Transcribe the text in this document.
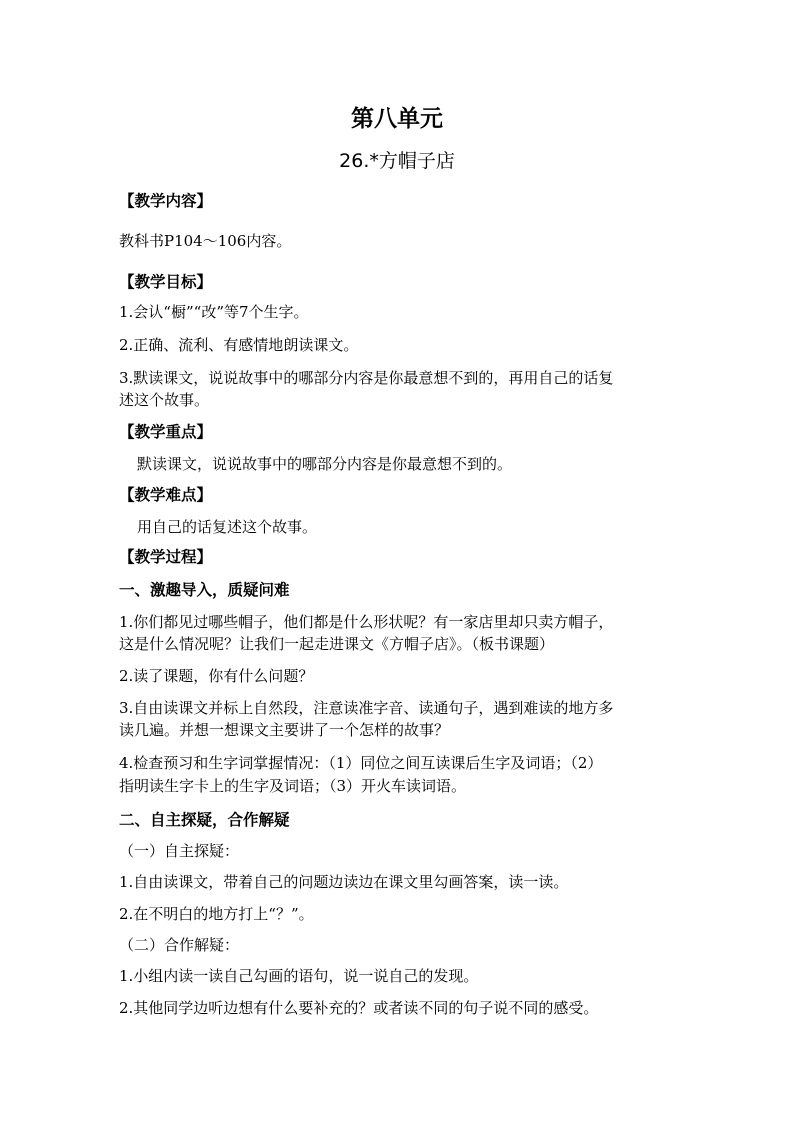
第八单元
26.*方帽子店
【教学内容】
教科书P104～106内容。
【教学目标】
1.会认“橱”“改”等7个生字。
2.正确、流利、有感情地朗读课文。
3.默读课文，说说故事中的哪部分内容是你最意想不到的，再用自己的话复
述这个故事。
【教学重点】
默读课文，说说故事中的哪部分内容是你最意想不到的。
【教学难点】
用自己的话复述这个故事。
【教学过程】
一、激趣导入，质疑问难
1.你们都见过哪些帽子，他们都是什么形状呢？有一家店里却只卖方帽子，
这是什么情况呢？让我们一起走进课文《方帽子店》。（板书课题）
2.读了课题，你有什么问题？
3.自由读课文并标上自然段，注意读准字音、读通句子，遇到难读的地方多
读几遍。并想一想课文主要讲了一个怎样的故事？
4.检查预习和生字词掌握情况：（1）同位之间互读课后生字及词语；（2）
指明读生字卡上的生字及词语；（3）开火车读词语。
二、自主探疑，合作解疑
（一）自主探疑：
1.自由读课文，带着自己的问题边读边在课文里勾画答案，读一读。
2.在不明白的地方打上“？”。
（二）合作解疑：
1.小组内读一读自己勾画的语句，说一说自己的发现。
2.其他同学边听边想有什么要补充的？或者读不同的句子说不同的感受。
